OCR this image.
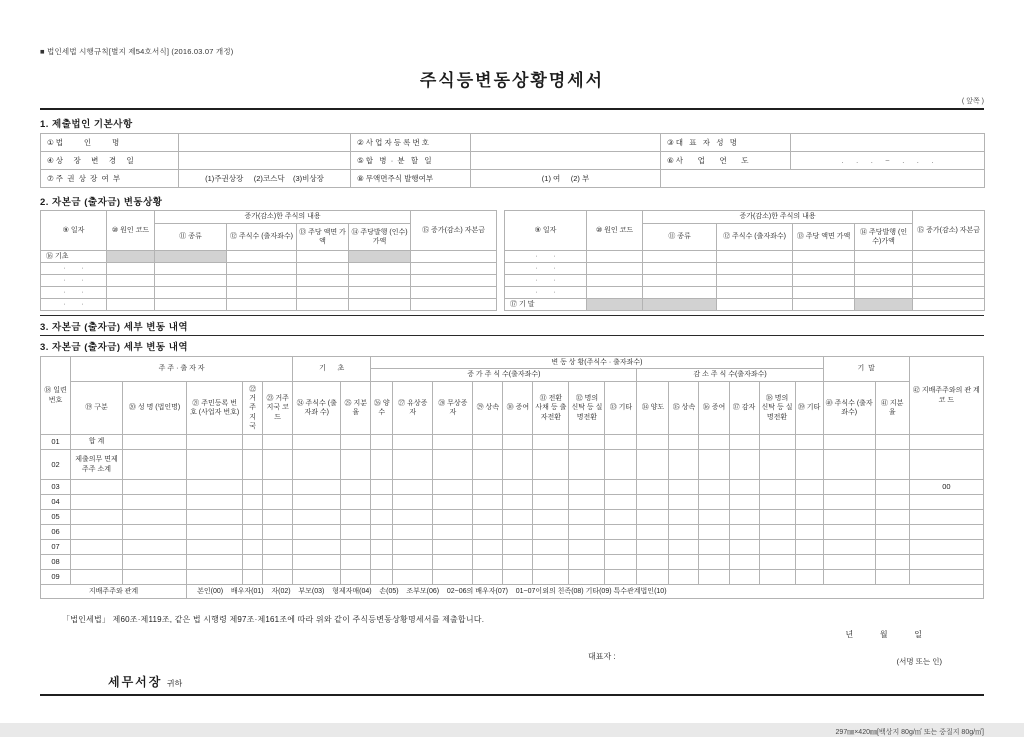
■ 법인세법 시행규칙[별지 제54호서식] (2016.03.07 개정)
주식등변동상황명세서
( 앞쪽 )
1. 제출법인 기본사항
① 법          인          명		② 사 업 자 등 록 번 호		③ 대   표   자   성   명	
④ 상     장     변     경     일		⑤ 합   병  ·  분   할   일		⑥ 사       업       연       도	.      .      .      ~      .      .      .
⑦ 주  권  상  장  여  부	(1)주권상장     (2)코스닥    (3)비상장	⑧ 무액면주식 발행여부	(1) 여     (2) 부		
2. 자본금 (출자금) 변동상황
⑨ 일자	⑩ 원인 코드	증가(감소)한 주식의 내용				⑮ 증가(감소) 자본금
		⑪ 종류	⑫ 주식수 (출자좌수)	⑬ 주당 액면 가액	⑭ 주당발행 (인수)가액	
⑯ 기초						
·        ·						
·        ·						
·        ·						
·        ·						
⑨ 일자	⑩ 원인 코드	증가(감소)한 주식의 내용				⑮ 증가(감소) 자본금
		⑪ 종류	⑫ 주식수 (출자좌수)	⑬ 주당 액면 가액	⑭ 주당발행 (인수)가액	
·        ·						
·        ·						
·        ·						
·        ·						
⑰ 기 말						
3. 자본금 (출자금) 세부 변동 내역
3. 자본금 (출자금) 세부 변동 내역
⑱ 일련 번호	주 주 · 출 자 자					기      초		변 동 상 황(주식수 · 출자좌수)														기  말		㊷ 지배주주와의 관 계 코 드
								증 가 주 식 수(출자좌수)								감 소 주 식 수(출자좌수)								
	⑲ 구분	⑳ 성 명 (법인명)	㉑ 주민등록 번호 (사업자 번호)	㉒ 거 주 지 국	㉓ 거주 지국 코드	㉔ 주식수 (출자좌 수)	㉕ 지분 율	㉖ 양 수	㉗ 유상증자	㉘ 무상증자	㉙ 상속	㉚ 증여	㉛ 전환 사채 등 출자전환	㉜ 명의 신탁 등 실명전환	㉝ 기타	㉞ 양도	㉟ 상속	㊱ 증여	㊲ 감자	㊳ 명의 신탁 등 실명전환	㊴ 기타	㊵ 주식수 (출자좌수)	㊶ 지분율	
01	합 계																							
02	제출의무 면제주주 소계																							
03																								00
04																								
05																								
06																								
07																								
08																								
09																								
지배주주와 관계			본인(00)    배우자(01)    자(02)    부모(03)    형제자매(04)    손(05)    조부모(06)    02~06의 배우자(07)    01~07이외의 친족(08) 기타(09) 특수관계법인(10)																					
「법인세법」 제60조·제119조, 같은 법 시행령 제97조·제161조에 따라 위와 같이 주식등변동상황명세서를 제출합니다.
년            월            일
대표자 :
(서명 또는 인)
세무서장 귀하
297㎜×420㎜[백상지 80g/㎡ 또는 중질지 80g/㎡]
